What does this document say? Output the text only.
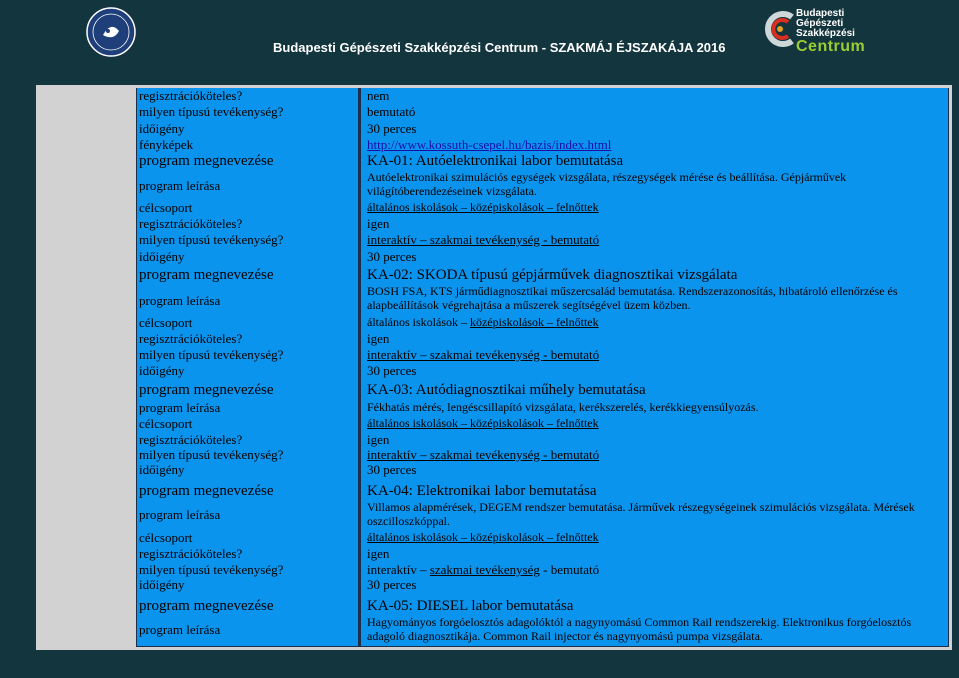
Budapesti Gépészeti Szakképzési Centrum - SZAKMÁJ ÉJSZAKÁJA 2016
Budapesti
Gépészeti
Szakképzési
Centrum
regisztrációköteles?
milyen típusú tevékenység?
időigény
fényképek
nem
bemutató
30 perces
http://www.kossuth-csepel.hu/bazis/index.html
program megnevezése
program leírása
célcsoport
regisztrációköteles?
milyen típusú tevékenység?
időigény
KA-01: Autóelektronikai labor bemutatása
Autóelektronikai szimulációs egységek vizsgálata, részegységek mérése és beállítása. Gépjárművek világítóberendezéseinek vizsgálata.
általános iskolások – középiskolások – felnőttek
igen
interaktív – szakmai tevékenység - bemutató
30 perces
program megnevezése
program leírása
célcsoport
regisztrációköteles?
milyen típusú tevékenység?
időigény
KA-02: SKODA típusú gépjárművek diagnosztikai vizsgálata
BOSH FSA, KTS járműdiagnosztikai műszercsalád bemutatása. Rendszerazonosítás, hibatároló ellenőrzése és alapbeállítások végrehajtása a műszerek segítségével üzem közben.
általános iskolások – középiskolások – felnőttek
igen
interaktív – szakmai tevékenység - bemutató
30 perces
program megnevezése
program leírása
célcsoport
regisztrációköteles?
milyen típusú tevékenység?
időigény
KA-03: Autódiagnosztikai műhely bemutatása
Fékhatás mérés, lengéscsillapító vizsgálata, kerékszerelés, kerékkiegyensúlyozás.
általános iskolások – középiskolások – felnőttek
igen
interaktív – szakmai tevékenység - bemutató
30 perces
program megnevezése
program leírása
célcsoport
regisztrációköteles?
milyen típusú tevékenység?
időigény
KA-04: Elektronikai labor bemutatása
Villamos alapmérések, DEGEM rendszer bemutatása. Járművek részegységeinek szimulációs vizsgálata. Mérések oszcilloszkóppal.
általános iskolások – középiskolások – felnőttek
igen
interaktív – szakmai tevékenység - bemutató
30 perces
program megnevezése
program leírása
KA-05: DIESEL labor bemutatása
Hagyományos forgóelosztós adagolóktól a nagynyomású Common Rail rendszerekig. Elektronikus forgóelosztós adagoló diagnosztikája. Common Rail injector és nagynyomású pumpa vizsgálata.
